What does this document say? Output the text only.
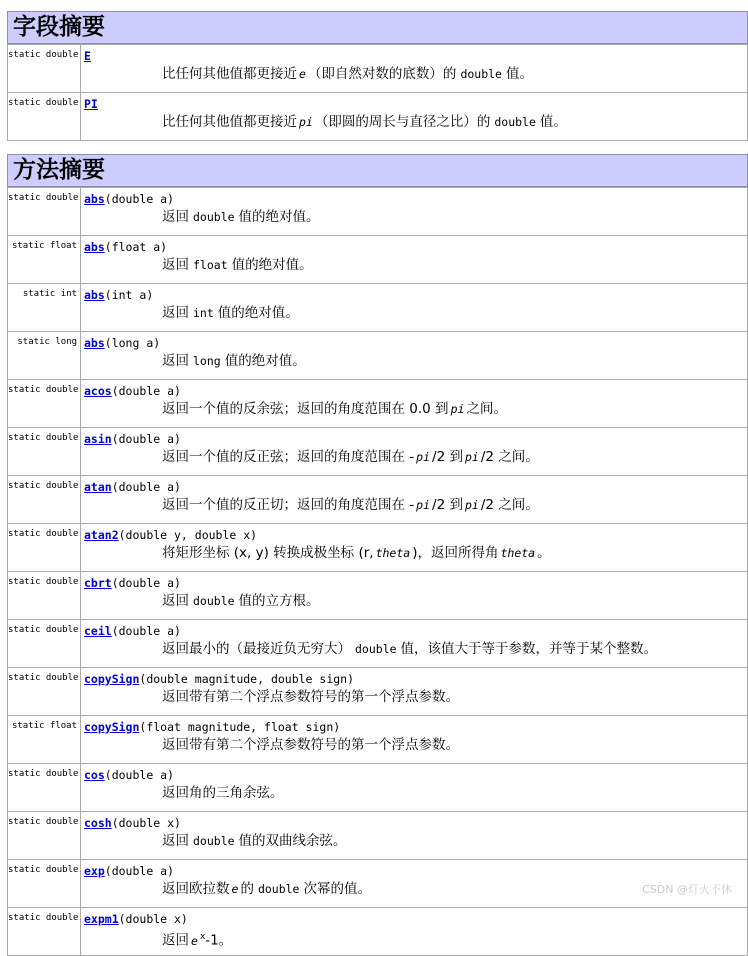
字段摘要
static double	E
比任何其他值都更接近 e （即自然对数的底数）的 double 值。

static double	PI
比任何其他值都更接近 pi （即圆的周长与直径之比）的 double 值。
方法摘要
static double	abs(double a)
返回 double 值的绝对值。

static float	abs(float a)
返回 float 值的绝对值。

static int	abs(int a)
返回 int 值的绝对值。

static long	abs(long a)
返回 long 值的绝对值。

static double	acos(double a)
返回一个值的反余弦；返回的角度范围在 0.0 到 pi 之间。

static double	asin(double a)
返回一个值的反正弦；返回的角度范围在 - pi /2 到 pi /2 之间。

static double	atan(double a)
返回一个值的反正切；返回的角度范围在 - pi /2 到 pi /2 之间。

static double	atan2(double y, double x)
将矩形坐标 (x, y) 转换成极坐标 (r, theta )，返回所得角 theta 。

static double	cbrt(double a)
返回 double 值的立方根。

static double	ceil(double a)
返回最小的（最接近负无穷大） double 值，该值大于等于参数，并等于某个整数。

static double	copySign(double magnitude, double sign)
返回带有第二个浮点参数符号的第一个浮点参数。

static float	copySign(float magnitude, float sign)
返回带有第二个浮点参数符号的第一个浮点参数。

static double	cos(double a)
返回角的三角余弦。

static double	cosh(double x)
返回 double 值的双曲线余弦。

static double	exp(double a)
返回欧拉数 e 的 double 次幂的值。

static double	expm1(double x)
返回 e $^x$-1。
CSDN @灯火不休
